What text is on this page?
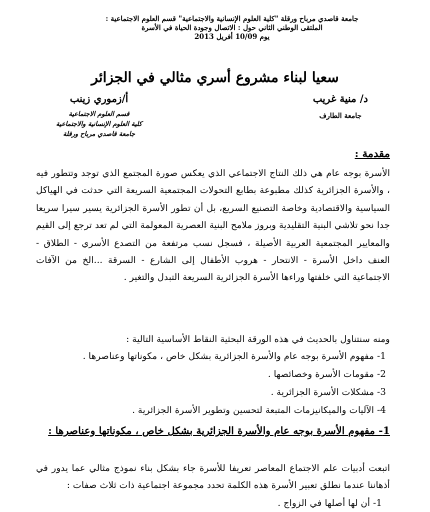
جامعة قاصدي مرباح ورقلة "كلية العلوم الإنسانية والاجتماعية" قسم العلوم الاجتماعية :
الملتقى الوطني الثاني حول : الاتصال وجودة الحياة في الأسرة
يوم 10/09 أفريل 2013
سعيا لبناء مشروع أسري مثالي في الجزائر
د/ منية غريب
جامعة الطارف
أ/زموري زينب
قسم العلوم الاجتماعية
كلية العلوم الإنسانية والاجتماعية
جامعة قاصدي مرباح ورقلة
مقدمة :

الأسرة بوجه عام هي ذلك النتاج الاجتماعي الذي يعكس صورة المجتمع الذي توجد وتتطور فيه ، والأسرة الجزائرية كذلك مطبوعة بطابع التحولات المجتمعية السريعة التي حدثت في الهياكل السياسية والاقتصادية وخاصة التصنيع السريع، بل أن تطور الأسرة الجزائرية يسير سيرا سريعا جدا نحو تلاشي البنية التقليدية وبروز ملامح البنية العصرية المعولمة التي لم تعد ترجع إلى القيم والمعايير المجتمعية العربية الأصيلة ، فسجل نسب مرتفعة من التصدع الأسري - الطلاق - العنف داخل الأسرة - الانتحار - هروب الأطفال إلى الشارع - السرقة ...الخ من الآفات الاجتماعية التي خلفتها وراءها الأسرة الجزائرية السريعة التبدل والتغير .

ومنه سنتناول بالحديث في هذه الورقة البحثية النقاط الأساسية التالية :

1- مفهوم الأسرة بوجه عام والأسرة الجزائرية بشكل خاص ، مكوناتها وعناصرها .
2- مقومات الأسرة وخصائصها .
3- مشكلات الأسرة الجزائرية .
4- الآليات والميكانيزمات المتبعة لتحسين وتطوير الأسرة الجزائرية .
1- مفهوم الأسرة بوجه عام والأسرة الجزائرية بشكل خاص ، مكوناتها وعناصرها :

اتبعت أدبيات علم الاجتماع المعاصر تعريفا للأسرة جاء بشكل بناء نموذج مثالي عما يدور في أذهاننا عندما نطلق تعبير الأسرة هذه الكلمة تحدد مجموعة اجتماعية ذات ثلاث صفات :

1- أن لها أصلها في الزواج .
